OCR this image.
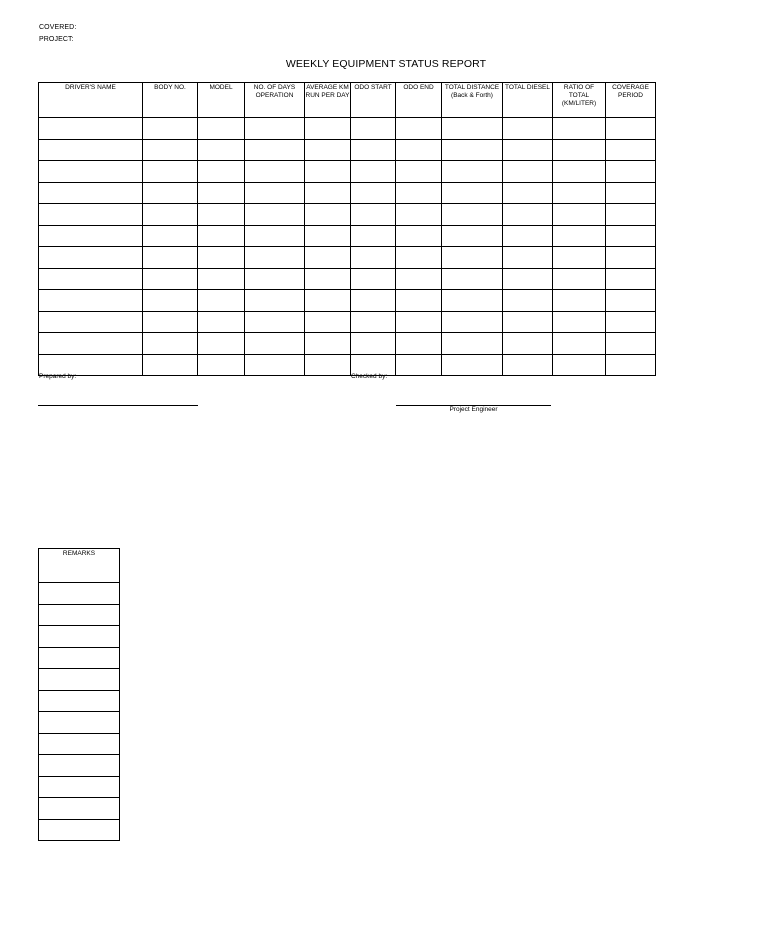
COVERED:
PROJECT:
WEEKLY EQUIPMENT STATUS REPORT
DRIVER'S NAME	BODY NO.	MODEL	NO. OF DAYS OPERATION	AVERAGE KM RUN PER DAY	ODO START	ODO END	TOTAL DISTANCE (Back & Forth)	TOTAL DIESEL	RATIO OF TOTAL (KM/LITER)	COVERAGE PERIOD

Prepared by:	Checked by:
Project Engineer
REMARKS
